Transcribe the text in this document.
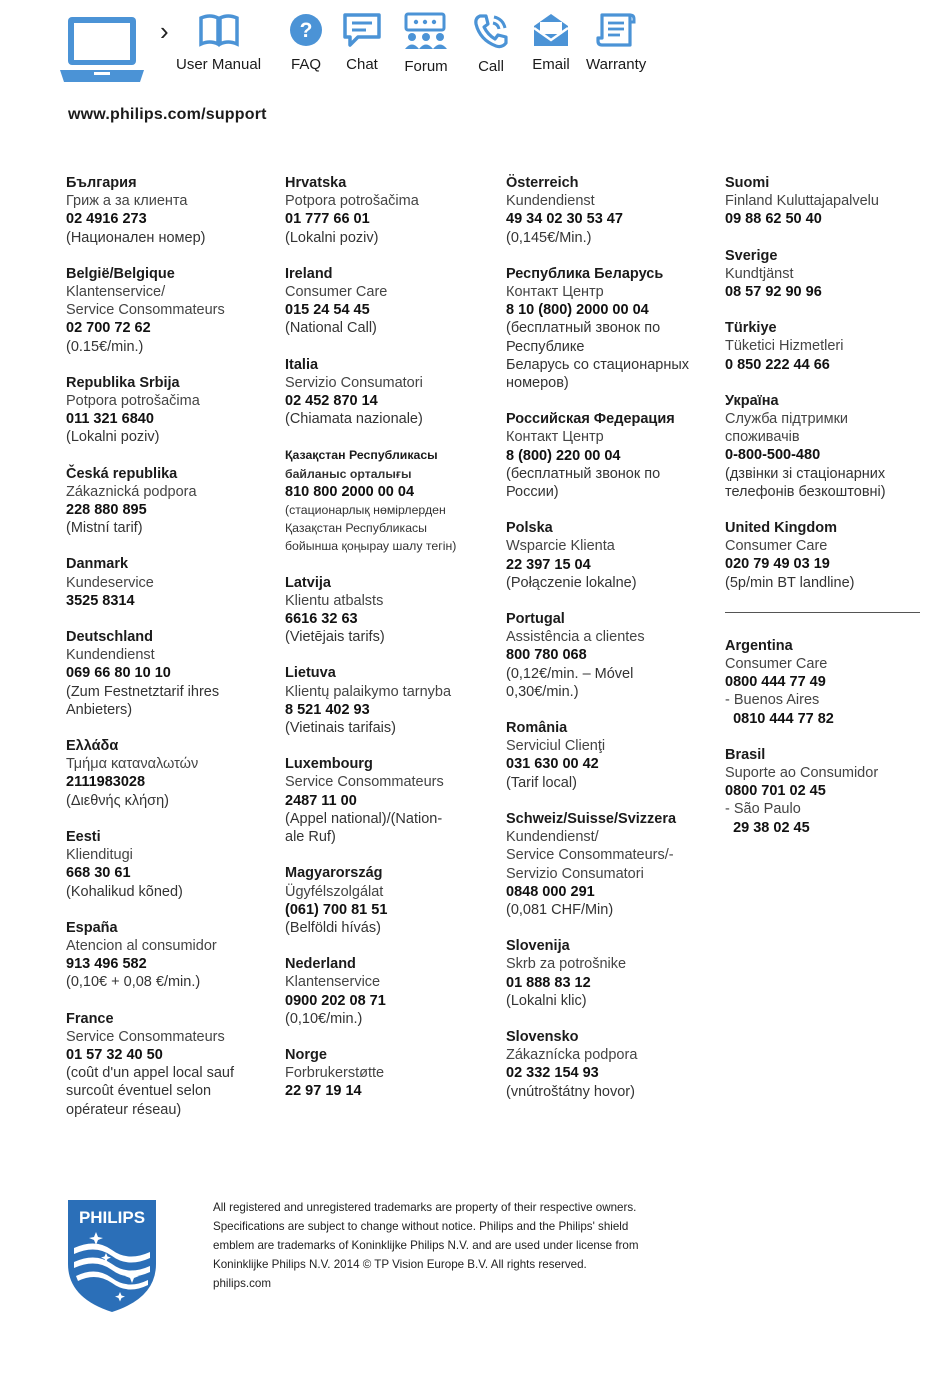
›
User Manual
?
FAQ Chat Forum	Call	Email Warranty
www.philips.com/support
България
Гриж а за клиента
02 4916 273
(Национален номер)
België/Belgique
Klantenservice/
Service Consommateurs
02 700 72 62
(0.15€/min.)
Republika Srbija
Potpora potrošačima
011 321 6840
(Lokalni poziv)
Česká republika
Zákaznická podpora
228 880 895
(Mistní tarif)
Danmark
Kundeservice
3525 8314
Deutschland
Kundendienst
069 66 80 10 10
(Zum Festnetztarif ihres
Anbieters)
Ελλάδα
Τμήμα καταναλωτών
2111983028
(Διεθνής κλήση)
Eesti
Klienditugi
668 30 61
(Kohalikud kõned)
España
Atencion al consumidor
913 496 582
(0,10€ + 0,08 €/min.)
France
Service Consommateurs
01 57 32 40 50
(coût d'un appel local sauf
surcoût éventuel selon
opérateur réseau)
Hrvatska
Potpora potrošačima
01 777 66 01
(Lokalni poziv)
Ireland
Consumer Care
015 24 54 45
(National Call)
Italia
Servizio Consumatori
02 452 870 14
(Chiamata nazionale)
Қазақстан Республикасы
байланыс орталығы
810 800 2000 00 04
(стационарлық нөмірлерден
Қазақстан Республикасы
бойынша қоңырау шалу тегін)
Latvija
Klientu atbalsts
6616 32 63
(Vietējais tarifs)
Lietuva
Klientų palaikymo tarnyba
8 521 402 93
(Vietinais tarifais)
Luxembourg
Service Consommateurs
2487 11 00
(Appel national)/(Nation-
ale Ruf)
Magyarország
Ügyfélszolgálat
(061) 700 81 51
(Belföldi hívás)
Nederland
Klantenservice
0900 202 08 71
(0,10€/min.)
Norge
Forbrukerstøtte
22 97 19 14
Österreich
Kundendienst
49 34 02 30 53 47
(0,145€/Min.)
Республика Беларусь
Контакт Центр
8 10 (800) 2000 00 04
(бесплатный звонок по
Республике
Беларусь со стационарных
номеров)
Российская Федерация
Контакт Центр
8 (800) 220 00 04
(бесплатный звонок по
России)
Polska
Wsparcie Klienta
22 397 15 04
(Połączenie lokalne)
Portugal
Assistência a clientes
800 780 068
(0,12€/min. – Móvel
0,30€/min.)
România
Serviciul Clienţi
031 630 00 42
(Tarif local)
Schweiz/Suisse/Svizzera
Kundendienst/
Service Consommateurs/-
Servizio Consumatori
0848 000 291
(0,081 CHF/Min)
Slovenija
Skrb za potrošnike
01 888 83 12
(Lokalni klic)
Slovensko
Zákaznícka podpora
02 332 154 93
(vnútroštátny hovor)
Suomi
Finland Kuluttajapalvelu
09 88 62 50 40
Sverige
Kundtjänst
08 57 92 90 96
Türkiye
Tüketici Hizmetleri
0 850 222 44 66
Україна
Служба підтримки
споживачів
0-800-500-480
(дзвінки зі стаціонарних
телефонів безкоштовні)
United Kingdom
Consumer Care
020 79 49 03 19
(5p/min BT landline)
Argentina
Consumer Care
0800 444 77 49
- Buenos Aires
0810 444 77 82
Brasil
Suporte ao Consumidor
0800 701 02 45
- São Paulo
29 38 02 45
PHILIPS
All registered and unregistered trademarks are property of their respective owners.
Specifications are subject to change without notice. Philips and the Philips' shield
emblem are trademarks of Koninklijke Philips N.V. and are used under license from
Koninklijke Philips N.V. 2014 © TP Vision Europe B.V. All rights reserved.
philips.com
